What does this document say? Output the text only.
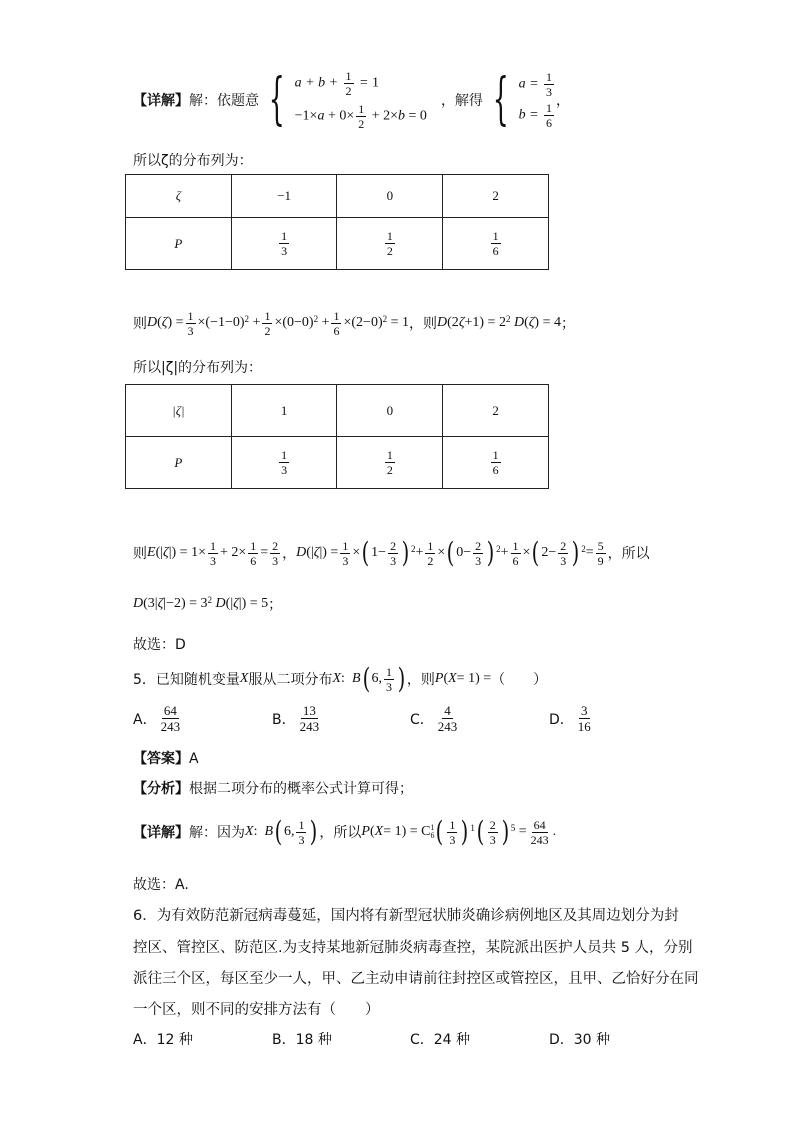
【详解】 解：依题意 { $a + b + \frac{1}{2} = 1$
$-1\times a + 0\times \frac{1}{2} + 2\times b = 0$
，解得 { $a = \frac{1}{3}$
$b = \frac{1}{6}$
，
所以ζ的分布列为：
ζ	−1	0	2
P	$\frac{1}{3}$	$\frac{1}{2}$	$\frac{1}{6}$
则 D ( ζ ) = $\frac{1}{3} \times(-1-0) 2 + \frac{1}{2} \times(0-0) 2 + \frac{1}{6} \times(2-0) 2 = 1$ ，则 D (2 ζ +1) = 2 2 D ( ζ ) = 4 ；
所以|ζ|的分布列为：
|ζ|	1	0	2
P	$\frac{1}{3}$	$\frac{1}{2}$	$\frac{1}{6}$
则 E (| ζ |) = $1\times \frac{1}{3} + 2\times \frac{1}{6} = \frac{2}{3}$ ， D (| ζ |) = $\frac{1}{3}$ × ( $1- \frac{2}{3}$ ) $2 + \frac{1}{2}$ × ( $0- \frac{2}{3}$ ) $2 + \frac{1}{6}$ × ( $2- \frac{2}{3}$ ) $2 = \frac{5}{9}$ ，所以
D (3| ζ |−2) = 3 2 D (| ζ |) = 5 ；
故选：D
5．已知随机变量 X 服从二项分布 X : B ( 6, $\frac{1}{3}$ ) ，则 P ( X = 1) = （　　）
A． $\frac{64}{243}$	B． $\frac{13}{243}$	C． $\frac{4}{243}$	D． $\frac{3}{16}$
【答案】A
【分析】根据二项分布的概率公式计算可得；
【详解】 解：因为 X : B ( 6, $\frac{1}{3}$ ) ，所以 P ( X = 1) = C 1
6 ( $\frac{1}{3}$ ) 1 ( $\frac{2}{3}$ ) $5 = \frac{64}{243}$ .
故选：A.
6．为有效防范新冠病毒蔓延，国内将有新型冠状肺炎确诊病例地区及其周边划分为封
控区、管控区、防范区.为支持某地新冠肺炎病毒查控，某院派出医护人员共 5 人，分别
派往三个区，每区至少一人，甲、乙主动申请前往封控区或管控区，且甲、乙恰好分在同
一个区，则不同的安排方法有（　　）
A．12 种	B．18 种	C．24 种	D．30 种
